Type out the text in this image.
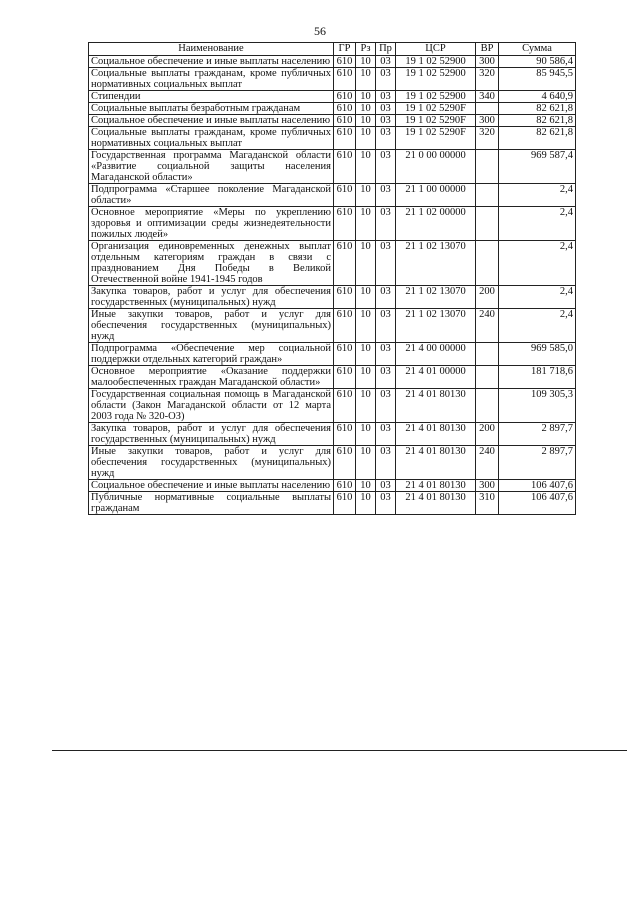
56
Наименование	ГР	Рз	Пр	ЦСР	ВР	Сумма
Социальное обеспечение и иные выплаты населению	610	10	03	19 1 02 52900	300	90 586,4
Социальные выплаты гражданам, кроме публичных нормативных социальных выплат	610	10	03	19 1 02 52900	320	85 945,5
Стипендии	610	10	03	19 1 02 52900	340	4 640,9
Социальные выплаты безработным гражданам	610	10	03	19 1 02 5290F		82 621,8
Социальное обеспечение и иные выплаты населению	610	10	03	19 1 02 5290F	300	82 621,8
Социальные выплаты гражданам, кроме публичных нормативных социальных выплат	610	10	03	19 1 02 5290F	320	82 621,8
Государственная программа Магаданской области «Развитие социальной защиты населения Магаданской области»	610	10	03	21 0 00 00000		969 587,4
Подпрограмма «Старшее поколение Магаданской области»	610	10	03	21 1 00 00000		2,4
Основное мероприятие «Меры по укреплению здоровья и оптимизации среды жизнедеятельности пожилых людей»	610	10	03	21 1 02 00000		2,4
Организация единовременных денежных выплат отдельным категориям граждан в связи с празднованием Дня Победы в Великой Отечественной войне 1941-1945 годов	610	10	03	21 1 02 13070		2,4
Закупка товаров, работ и услуг для обеспечения государственных (муниципальных) нужд	610	10	03	21 1 02 13070	200	2,4
Иные закупки товаров, работ и услуг для обеспечения государственных (муниципальных) нужд	610	10	03	21 1 02 13070	240	2,4
Подпрограмма «Обеспечение мер социальной поддержки отдельных категорий граждан»	610	10	03	21 4 00 00000		969 585,0
Основное мероприятие «Оказание поддержки малообеспеченных граждан Магаданской области»	610	10	03	21 4 01 00000		181 718,6
Государственная социальная помощь в Магаданской области (Закон Магаданской области от 12 марта 2003 года № 320-ОЗ)	610	10	03	21 4 01 80130		109 305,3
Закупка товаров, работ и услуг для обеспечения государственных (муниципальных) нужд	610	10	03	21 4 01 80130	200	2 897,7
Иные закупки товаров, работ и услуг для обеспечения государственных (муниципальных) нужд	610	10	03	21 4 01 80130	240	2 897,7
Социальное обеспечение и иные выплаты населению	610	10	03	21 4 01 80130	300	106 407,6
Публичные нормативные социальные выплаты гражданам	610	10	03	21 4 01 80130	310	106 407,6
